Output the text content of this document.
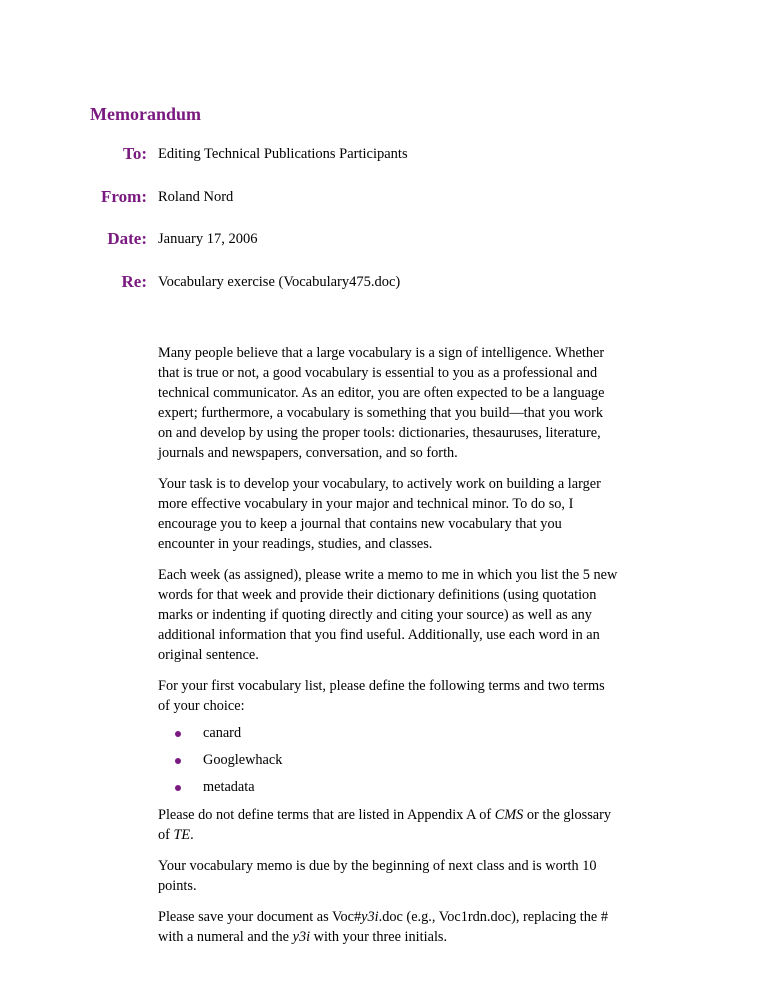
Memorandum
To: Editing Technical Publications Participants
From: Roland Nord
Date: January 17, 2006
Re: Vocabulary exercise (Vocabulary475.doc)

Many people believe that a large vocabulary is a sign of intelligence. Whether that is true or not, a good vocabulary is essential to you as a professional and technical communicator. As an editor, you are often expected to be a language expert; furthermore, a vocabulary is something that you build—that you work on and develop by using the proper tools: dictionaries, thesauruses, literature, journals and newspapers, conversation, and so forth.

Your task is to develop your vocabulary, to actively work on building a larger more effective vocabulary in your major and technical minor. To do so, I encourage you to keep a journal that contains new vocabulary that you encounter in your readings, studies, and classes.

Each week (as assigned), please write a memo to me in which you list the 5 new words for that week and provide their dictionary definitions (using quotation marks or indenting if quoting directly and citing your source) as well as any additional information that you find useful. Additionally, use each word in an original sentence.

For your first vocabulary list, please define the following terms and two terms of your choice:

canard
Googlewhack
metadata

Please do not define terms that are listed in Appendix A of CMS or the glossary of TE.

Your vocabulary memo is due by the beginning of next class and is worth 10 points.

Please save your document as Voc#y3i.doc (e.g., Voc1rdn.doc), replacing the # with a numeral and the y3i with your three initials.
